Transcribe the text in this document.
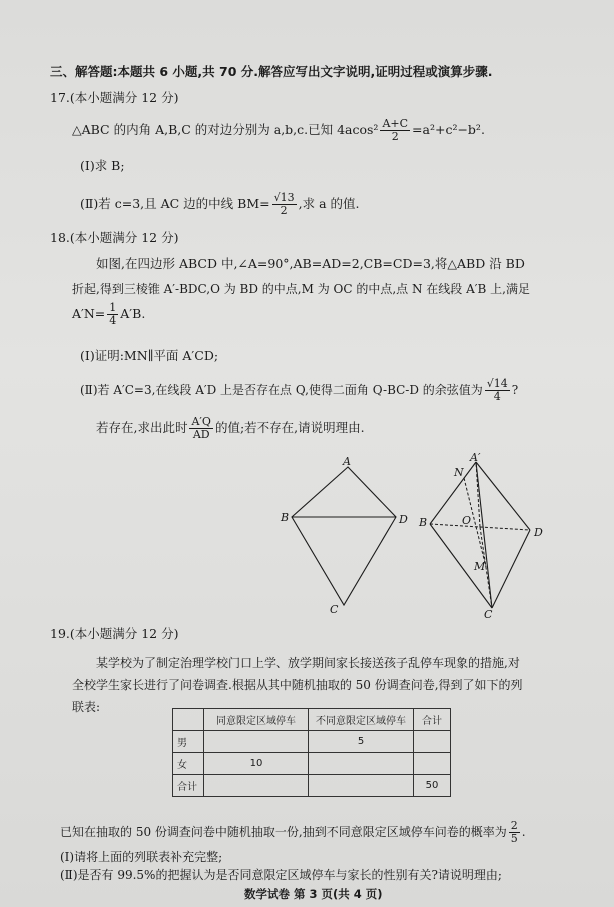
三、解答题:本题共 6 小题,共 70 分.解答应写出文字说明,证明过程或演算步骤.
17.(本小题满分 12 分)
△ABC 的内角 A,B,C 的对边分别为 a,b,c.已知 $4acos^2 \frac{A+C}{2} =a^2+c^2-b^2$.
(Ⅰ)求 B;
(Ⅱ)若 c=3,且 AC 边的中线 $BM= \frac{√13}{2}$ ,求 a 的值.
18.(本小题满分 12 分)
如图,在四边形 ABCD 中,∠A=90°,AB=AD=2,CB=CD=3,将△ABD 沿 BD
折起,得到三棱锥 A′-BDC,O 为 BD 的中点,M 为 OC 的中点,点 N 在线段 A′B 上,满足
$A'N= \frac{1}{4} A'B$.
(Ⅰ)证明:MN∥平面 A′CD;
(Ⅱ)若 A′C=3,在线段 A′D 上是否存在点 Q,使得二面角 Q-BC-D 的余弦值为 $\frac{√14}{4}$ ?
若存在,求出此时 $\frac{A'Q}{AD}$ 的值;若不存在,请说明理由.
A
B	D
C
A′
N
O
B
D
M
C
19.(本小题满分 12 分)
某学校为了制定治理学校门口上学、放学期间家长接送孩子乱停车现象的措施,对
全校学生家长进行了问卷调查.根据从其中随机抽取的 50 份调查问卷,得到了如下的列
联表:
	同意限定区域停车	不同意限定区域停车	合计
男		5	
女	10		
合计			50
已知在抽取的 50 份调查问卷中随机抽取一份,抽到不同意限定区域停车问卷的概率为 $\frac{2}{5}$ .
(Ⅰ)请将上面的列联表补充完整;
(Ⅱ)是否有 99.5%的把握认为是否同意限定区域停车与家长的性别有关?请说明理由;
数学试卷 第 3 页(共 4 页)
